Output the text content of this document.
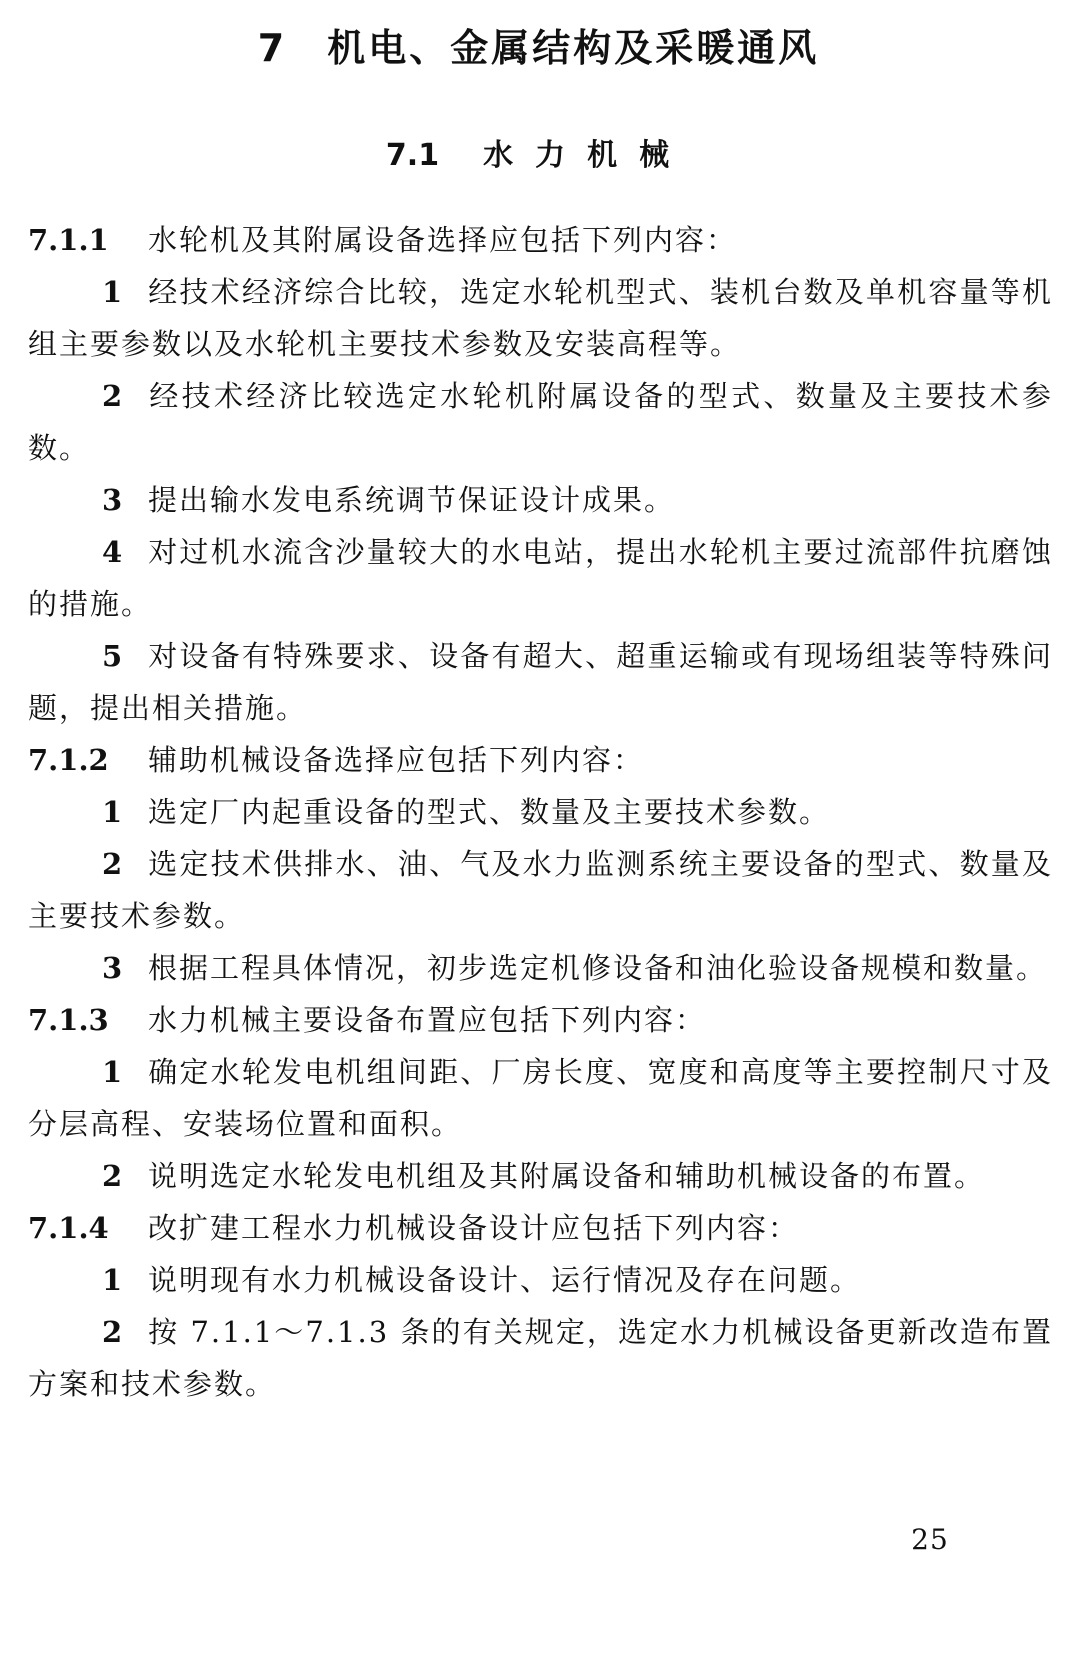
7 机电、金属结构及采暖通风
7.1 水力机械

7.1.1 水轮机及其附属设备选择应包括下列内容：

1 经技术经济综合比较，选定水轮机型式、装机台数及单机容量等机组主要参数以及水轮机主要技术参数及安装高程等。

2 经技术经济比较选定水轮机附属设备的型式、数量及主要技术参数。

3 提出输水发电系统调节保证设计成果。

4 对过机水流含沙量较大的水电站，提出水轮机主要过流部件抗磨蚀的措施。

5 对设备有特殊要求、设备有超大、超重运输或有现场组装等特殊问题，提出相关措施。

7.1.2 辅助机械设备选择应包括下列内容：

1 选定厂内起重设备的型式、数量及主要技术参数。

2 选定技术供排水、油、气及水力监测系统主要设备的型式、数量及主要技术参数。

3 根据工程具体情况，初步选定机修设备和油化验设备规模和数量。

7.1.3 水力机械主要设备布置应包括下列内容：

1 确定水轮发电机组间距、厂房长度、宽度和高度等主要控制尺寸及分层高程、安装场位置和面积。

2 说明选定水轮发电机组及其附属设备和辅助机械设备的布置。

7.1.4 改扩建工程水力机械设备设计应包括下列内容：

1 说明现有水力机械设备设计、运行情况及存在问题。

2 按 7.1.1～7.1.3 条的有关规定，选定水力机械设备更新改造布置方案和技术参数。

25
